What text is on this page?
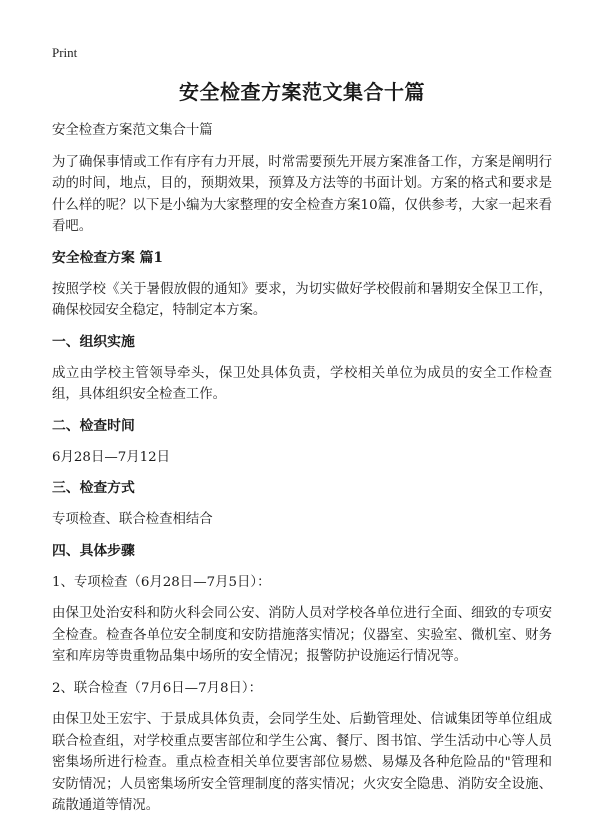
Print
安全检查方案范文集合十篇
安全检查方案范文集合十篇
为了确保事情或工作有序有力开展，时常需要预先开展方案准备工作，方案是阐明行动的时间，地点，目的，预期效果，预算及方法等的书面计划。方案的格式和要求是什么样的呢？以下是小编为大家整理的安全检查方案10篇，仅供参考，大家一起来看看吧。
安全检查方案 篇1
按照学校《关于暑假放假的通知》要求，为切实做好学校假前和暑期安全保卫工作，确保校园安全稳定，特制定本方案。
一、组织实施
成立由学校主管领导牵头，保卫处具体负责，学校相关单位为成员的安全工作检查组，具体组织安全检查工作。
二、检查时间
6月28日—7月12日
三、检查方式
专项检查、联合检查相结合
四、具体步骤
1、专项检查（6月28日—7月5日）：
由保卫处治安科和防火科会同公安、消防人员对学校各单位进行全面、细致的专项安全检查。检查各单位安全制度和安防措施落实情况；仪器室、实验室、微机室、财务室和库房等贵重物品集中场所的安全情况；报警防护设施运行情况等。
2、联合检查（7月6日—7月8日）：
由保卫处王宏宇、于景成具体负责，会同学生处、后勤管理处、信诚集团等单位组成联合检查组，对学校重点要害部位和学生公寓、餐厅、图书馆、学生活动中心等人员密集场所进行检查。重点检查相关单位要害部位易燃、易爆及各种危险品的"管理和安防情况；人员密集场所安全管理制度的落实情况；火灾安全隐患、消防安全设施、疏散通道等情况。
